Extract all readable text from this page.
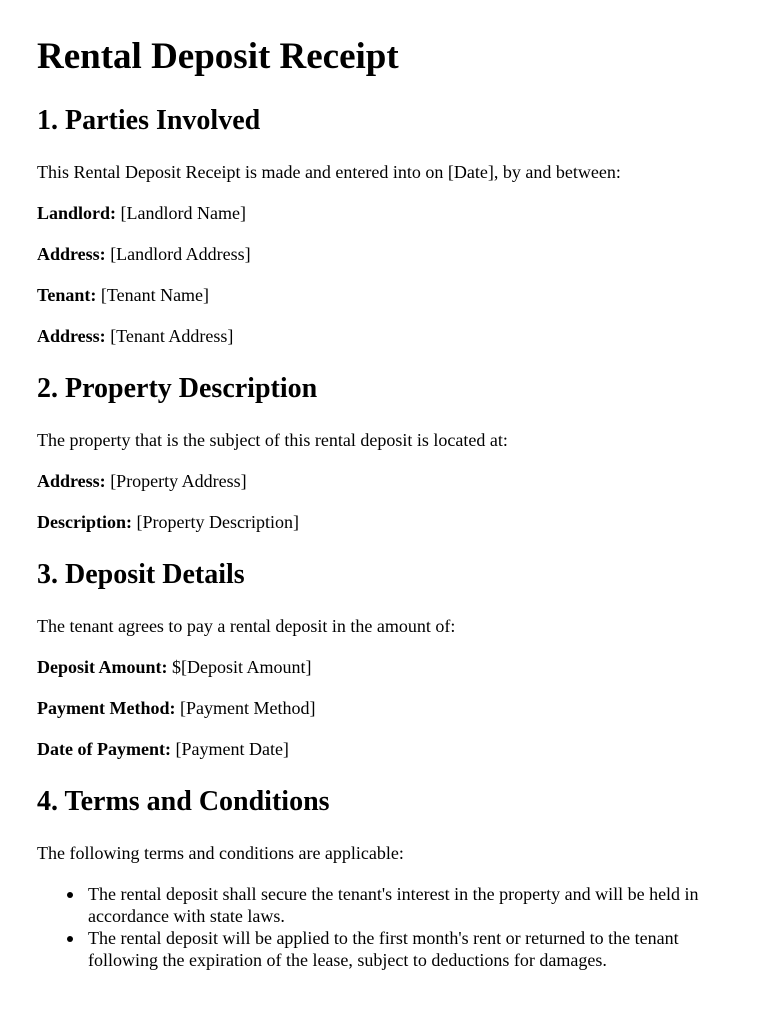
Rental Deposit Receipt
1. Parties Involved

This Rental Deposit Receipt is made and entered into on [Date], by and between:

Landlord: [Landlord Name]

Address: [Landlord Address]

Tenant: [Tenant Name]

Address: [Tenant Address]

2. Property Description

The property that is the subject of this rental deposit is located at:

Address: [Property Address]

Description: [Property Description]

3. Deposit Details

The tenant agrees to pay a rental deposit in the amount of:

Deposit Amount: $[Deposit Amount]

Payment Method: [Payment Method]

Date of Payment: [Payment Date]

4. Terms and Conditions

The following terms and conditions are applicable:

The rental deposit shall secure the tenant's interest in the property and will be held in accordance with state laws.
The rental deposit will be applied to the first month's rent or returned to the tenant following the expiration of the lease, subject to deductions for damages.
